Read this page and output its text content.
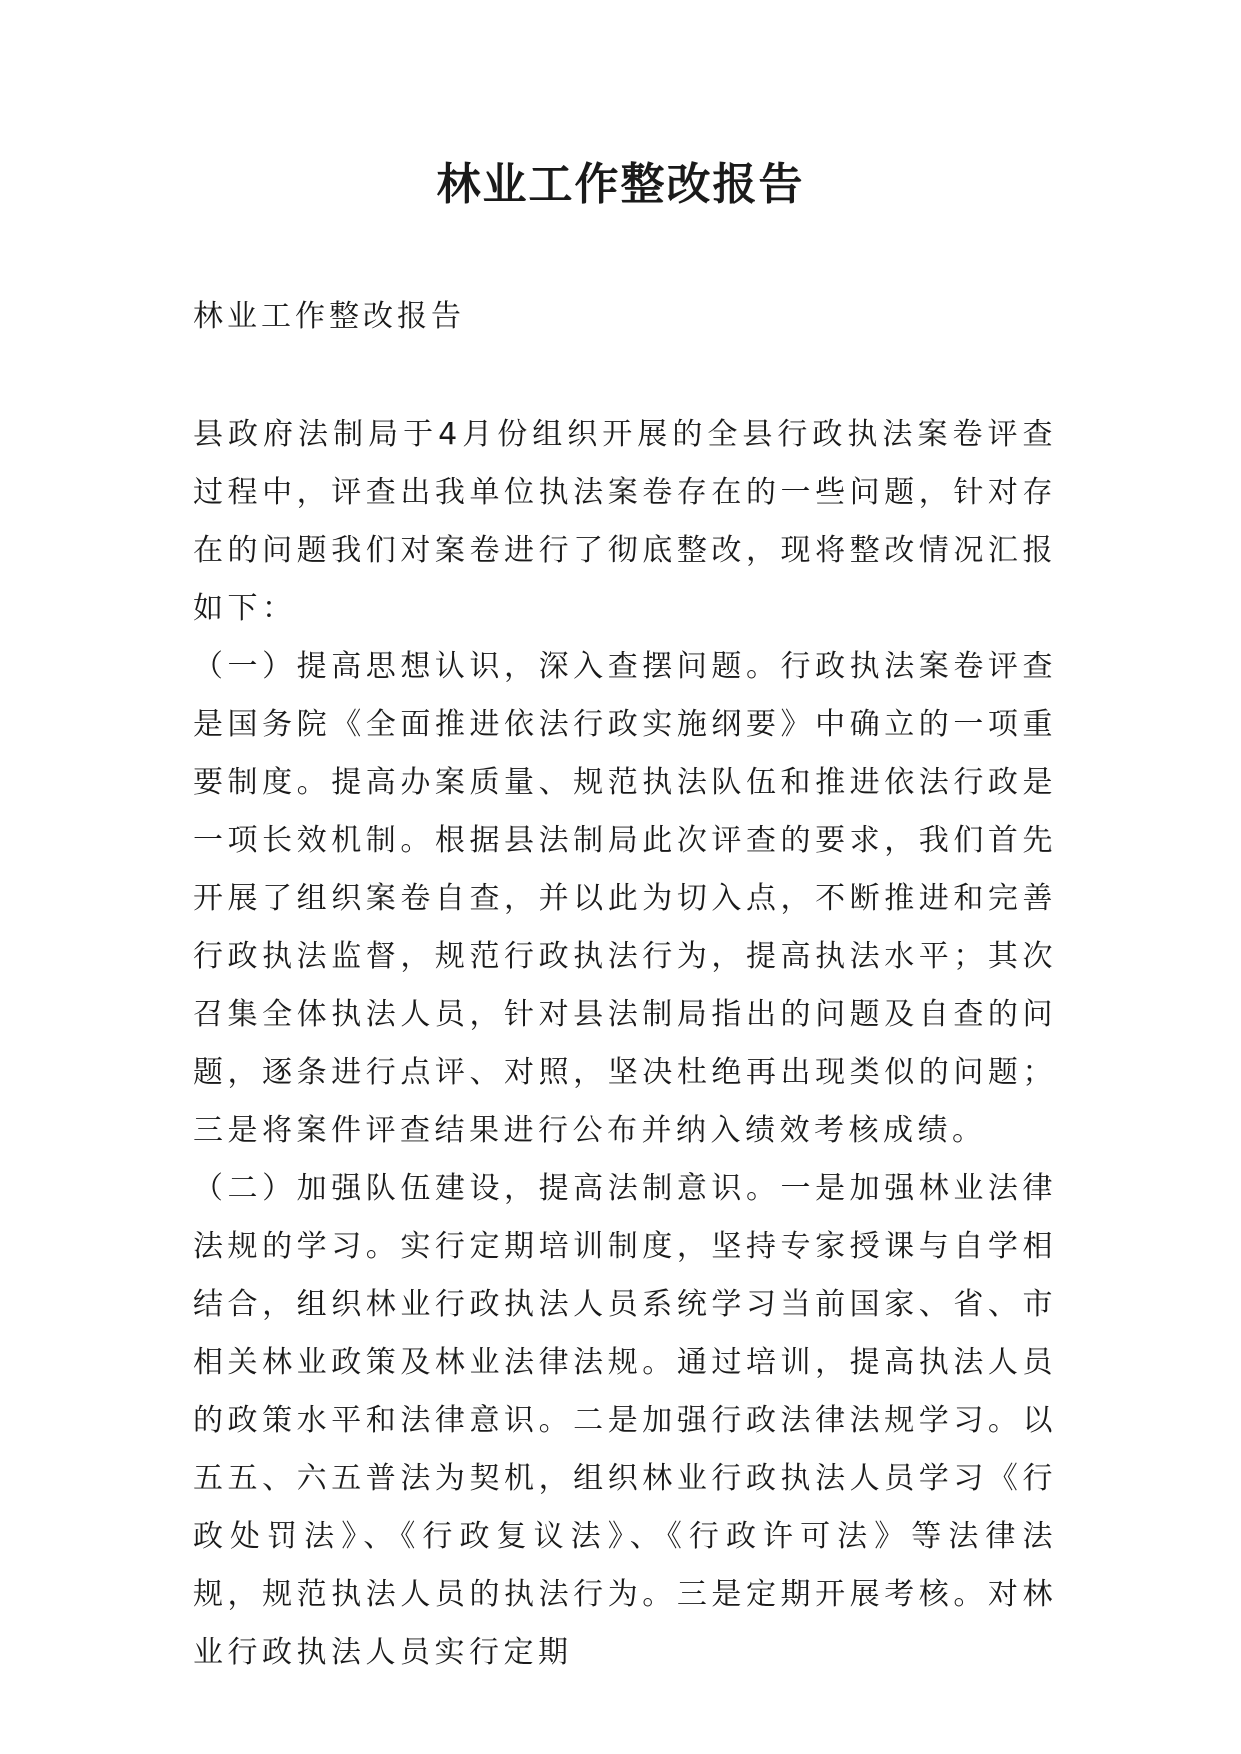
林业工作整改报告
林业工作整改报告

县政府法制局于4月份组织开展的全县行政执法案卷评查过程中，评查出我单位执法案卷存在的一些问题，针对存在的问题我们对案卷进行了彻底整改，现将整改情况汇报如下：

（一）提高思想认识，深入查摆问题。行政执法案卷评查是国务院《全面推进依法行政实施纲要》中确立的一项重要制度。提高办案质量、规范执法队伍和推进依法行政是一项长效机制。根据县法制局此次评查的要求，我们首先开展了组织案卷自查，并以此为切入点，不断推进和完善行政执法监督，规范行政执法行为，提高执法水平；其次召集全体执法人员，针对县法制局指出的问题及自查的问题，逐条进行点评、对照，坚决杜绝再出现类似的问题；三是将案件评查结果进行公布并纳入绩效考核成绩。

（二）加强队伍建设，提高法制意识。一是加强林业法律法规的学习。实行定期培训制度，坚持专家授课与自学相结合，组织林业行政执法人员系统学习当前国家、省、市相关林业政策及林业法律法规。通过培训，提高执法人员的政策水平和法律意识。二是加强行政法律法规学习。以五五、六五普法为契机，组织林业行政执法人员学习《行政处罚法》、《行政复议法》、《行政许可法》等法律法规，规范执法人员的执法行为。三是定期开展考核。对林业行政执法人员实行定期
